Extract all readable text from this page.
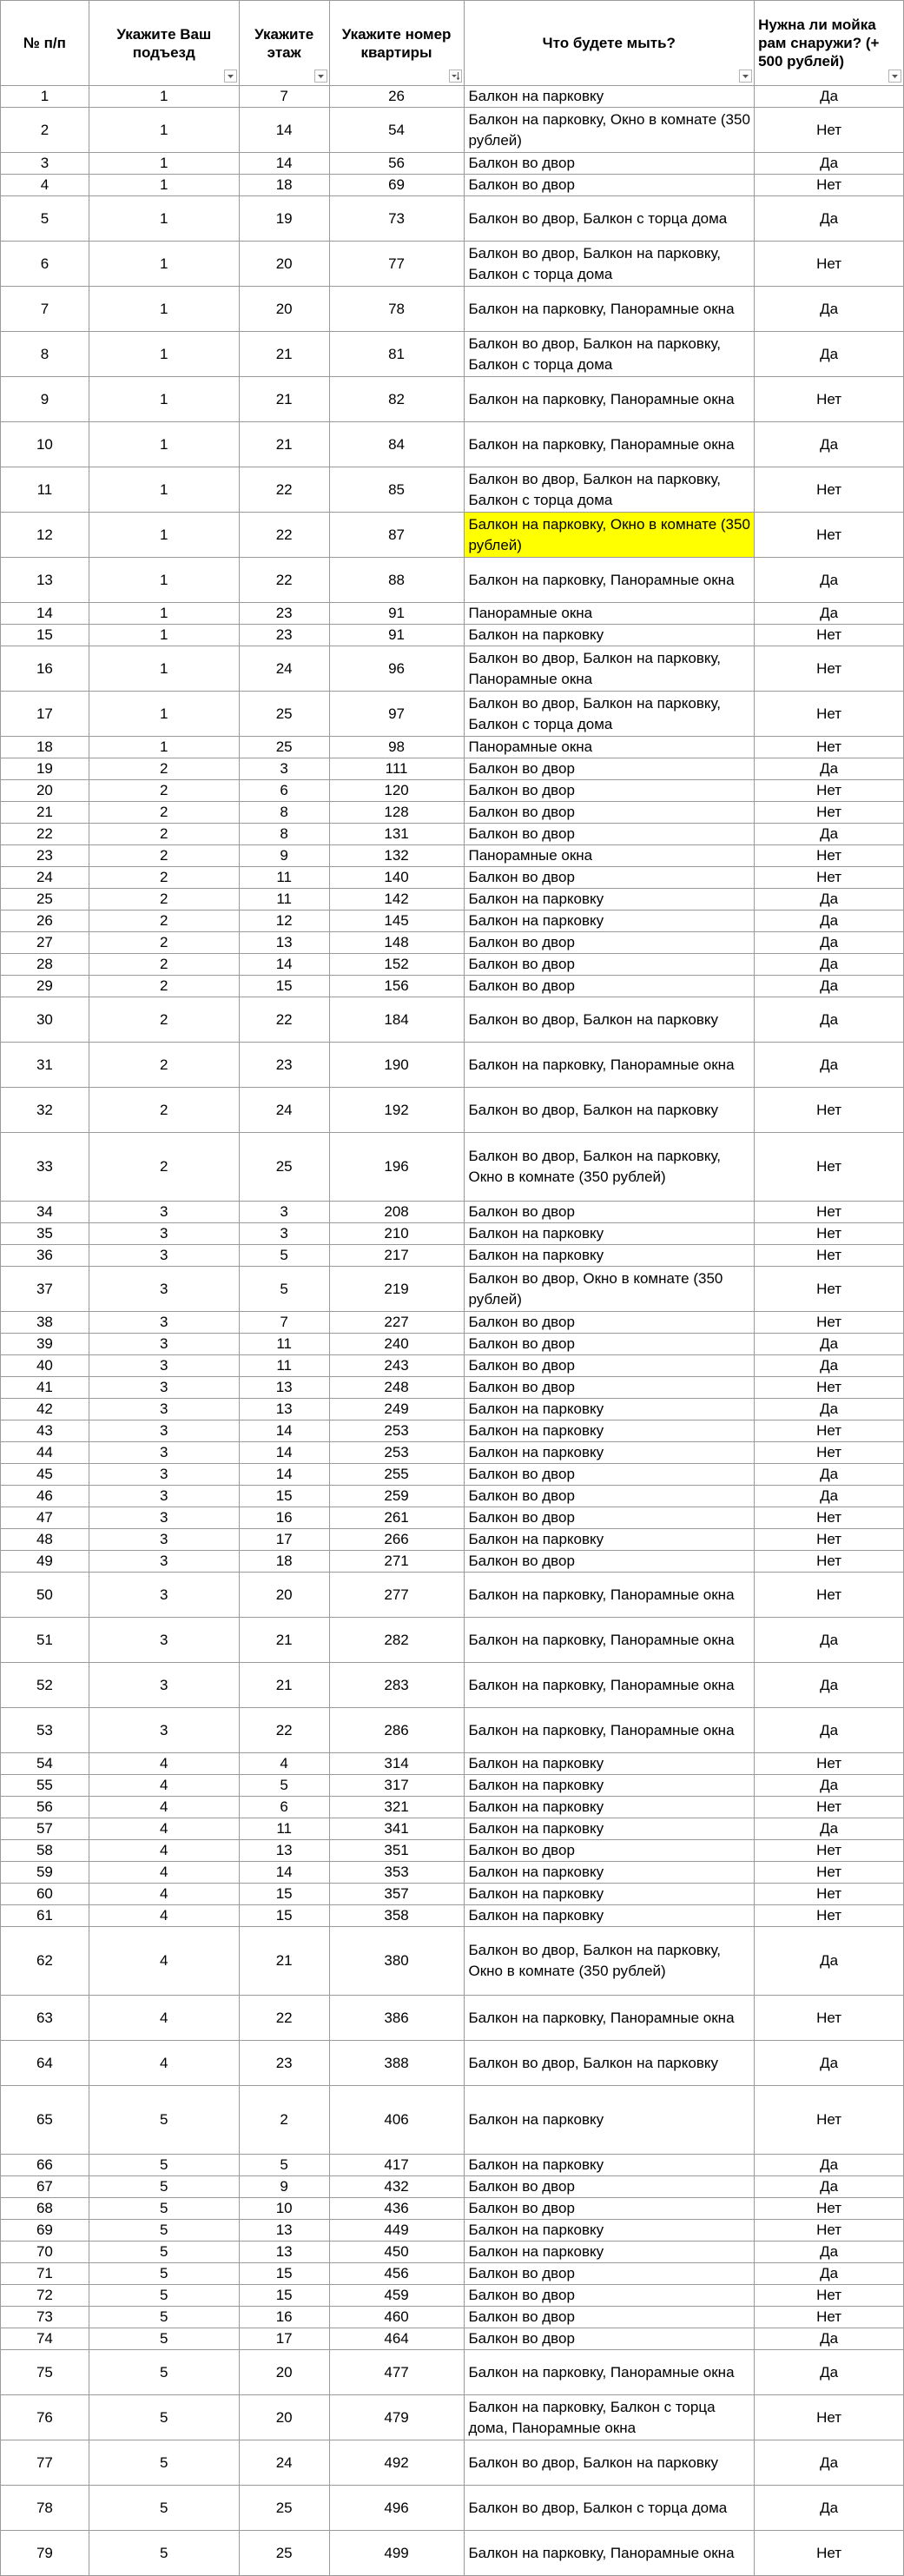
№ п/п	Укажите Ваш подъезд	Укажите этаж	Укажите номер квартиры	Что будете мыть?	Нужна ли мойка рам снаружи? (+ 500 рублей)

1	1	7	26	Балкон на парковку	Да
2	1	14	54	Балкон на парковку, Окно в комнате (350 рублей)	Нет
3	1	14	56	Балкон во двор	Да
4	1	18	69	Балкон во двор	Нет
5	1	19	73	Балкон во двор, Балкон с торца дома	Да
6	1	20	77	Балкон во двор, Балкон на парковку, Балкон с торца дома	Нет
7	1	20	78	Балкон на парковку, Панорамные окна	Да
8	1	21	81	Балкон во двор, Балкон на парковку, Балкон с торца дома	Да
9	1	21	82	Балкон на парковку, Панорамные окна	Нет
10	1	21	84	Балкон на парковку, Панорамные окна	Да
11	1	22	85	Балкон во двор, Балкон на парковку, Балкон с торца дома	Нет
12	1	22	87	Балкон на парковку, Окно в комнате (350 рублей)	Нет
13	1	22	88	Балкон на парковку, Панорамные окна	Да
14	1	23	91	Панорамные окна	Да
15	1	23	91	Балкон на парковку	Нет
16	1	24	96	Балкон во двор, Балкон на парковку, Панорамные окна	Нет
17	1	25	97	Балкон во двор, Балкон на парковку, Балкон с торца дома	Нет
18	1	25	98	Панорамные окна	Нет
19	2	3	111	Балкон во двор	Да
20	2	6	120	Балкон во двор	Нет
21	2	8	128	Балкон во двор	Нет
22	2	8	131	Балкон во двор	Да
23	2	9	132	Панорамные окна	Нет
24	2	11	140	Балкон во двор	Нет
25	2	11	142	Балкон на парковку	Да
26	2	12	145	Балкон на парковку	Да
27	2	13	148	Балкон во двор	Да
28	2	14	152	Балкон во двор	Да
29	2	15	156	Балкон во двор	Да
30	2	22	184	Балкон во двор, Балкон на парковку	Да
31	2	23	190	Балкон на парковку, Панорамные окна	Да
32	2	24	192	Балкон во двор, Балкон на парковку	Нет
33	2	25	196	Балкон во двор, Балкон на парковку, Окно в комнате (350 рублей)	Нет
34	3	3	208	Балкон во двор	Нет
35	3	3	210	Балкон на парковку	Нет
36	3	5	217	Балкон на парковку	Нет
37	3	5	219	Балкон во двор, Окно в комнате (350 рублей)	Нет
38	3	7	227	Балкон во двор	Нет
39	3	11	240	Балкон во двор	Да
40	3	11	243	Балкон во двор	Да
41	3	13	248	Балкон во двор	Нет
42	3	13	249	Балкон на парковку	Да
43	3	14	253	Балкон на парковку	Нет
44	3	14	253	Балкон на парковку	Нет
45	3	14	255	Балкон во двор	Да
46	3	15	259	Балкон во двор	Да
47	3	16	261	Балкон во двор	Нет
48	3	17	266	Балкон на парковку	Нет
49	3	18	271	Балкон во двор	Нет
50	3	20	277	Балкон на парковку, Панорамные окна	Нет
51	3	21	282	Балкон на парковку, Панорамные окна	Да
52	3	21	283	Балкон на парковку, Панорамные окна	Да
53	3	22	286	Балкон на парковку, Панорамные окна	Да
54	4	4	314	Балкон на парковку	Нет
55	4	5	317	Балкон на парковку	Да
56	4	6	321	Балкон на парковку	Нет
57	4	11	341	Балкон на парковку	Да
58	4	13	351	Балкон во двор	Нет
59	4	14	353	Балкон на парковку	Нет
60	4	15	357	Балкон на парковку	Нет
61	4	15	358	Балкон на парковку	Нет
62	4	21	380	Балкон во двор, Балкон на парковку, Окно в комнате (350 рублей)	Да
63	4	22	386	Балкон на парковку, Панорамные окна	Нет
64	4	23	388	Балкон во двор, Балкон на парковку	Да
65	5	2	406	Балкон на парковку	Нет
66	5	5	417	Балкон на парковку	Да
67	5	9	432	Балкон во двор	Да
68	5	10	436	Балкон во двор	Нет
69	5	13	449	Балкон на парковку	Нет
70	5	13	450	Балкон на парковку	Да
71	5	15	456	Балкон во двор	Да
72	5	15	459	Балкон во двор	Нет
73	5	16	460	Балкон во двор	Нет
74	5	17	464	Балкон во двор	Да
75	5	20	477	Балкон на парковку, Панорамные окна	Да
76	5	20	479	Балкон на парковку, Балкон с торца дома, Панорамные окна	Нет
77	5	24	492	Балкон во двор, Балкон на парковку	Да
78	5	25	496	Балкон во двор, Балкон с торца дома	Да
79	5	25	499	Балкон на парковку, Панорамные окна	Нет
